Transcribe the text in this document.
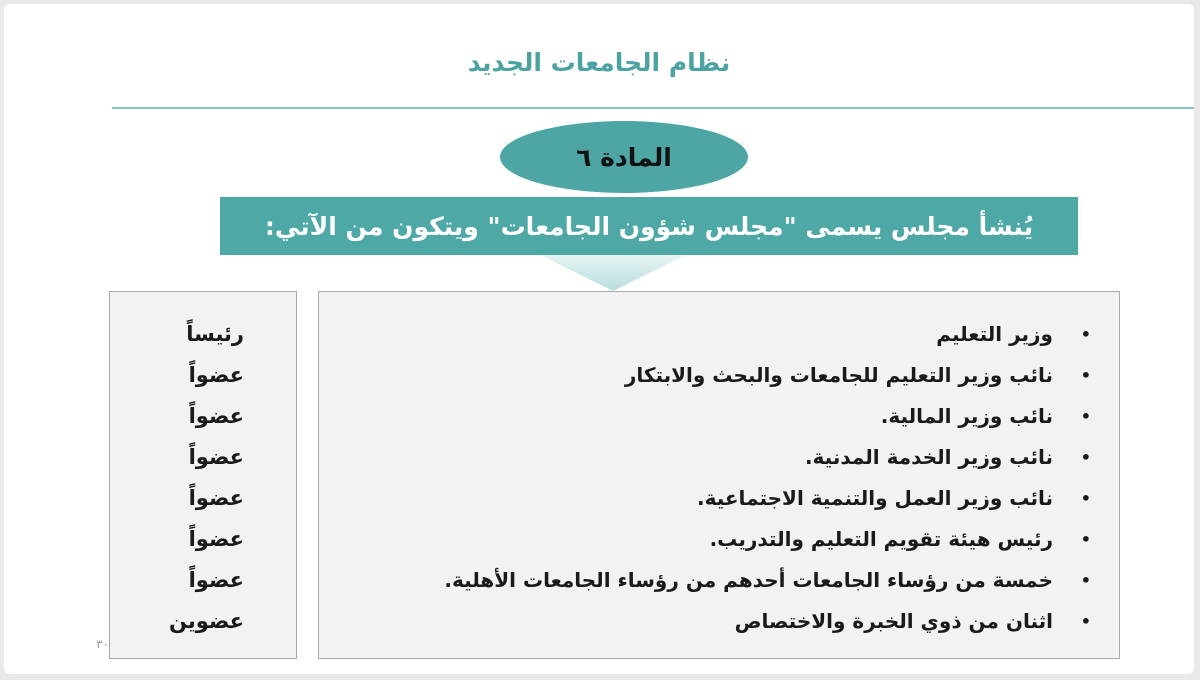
نظام الجامعات الجديد
المادة ٦
يُنشأ مجلس يسمى "مجلس شؤون الجامعات" ويتكون من الآتي:
•
وزير التعليم
•
نائب وزير التعليم للجامعات والبحث والابتكار
•
نائب وزير المالية.
•
نائب وزير الخدمة المدنية.
•
نائب وزير العمل والتنمية الاجتماعية.
•
رئيس هيئة تقويم التعليم والتدريب.
•
خمسة من رؤساء الجامعات أحدهم من رؤساء الجامعات الأهلية.
•
اثنان من ذوي الخبرة والاختصاص
رئيساً
عضواً
عضواً
عضواً
عضواً
عضواً
عضواً
عضوين
٣٠
